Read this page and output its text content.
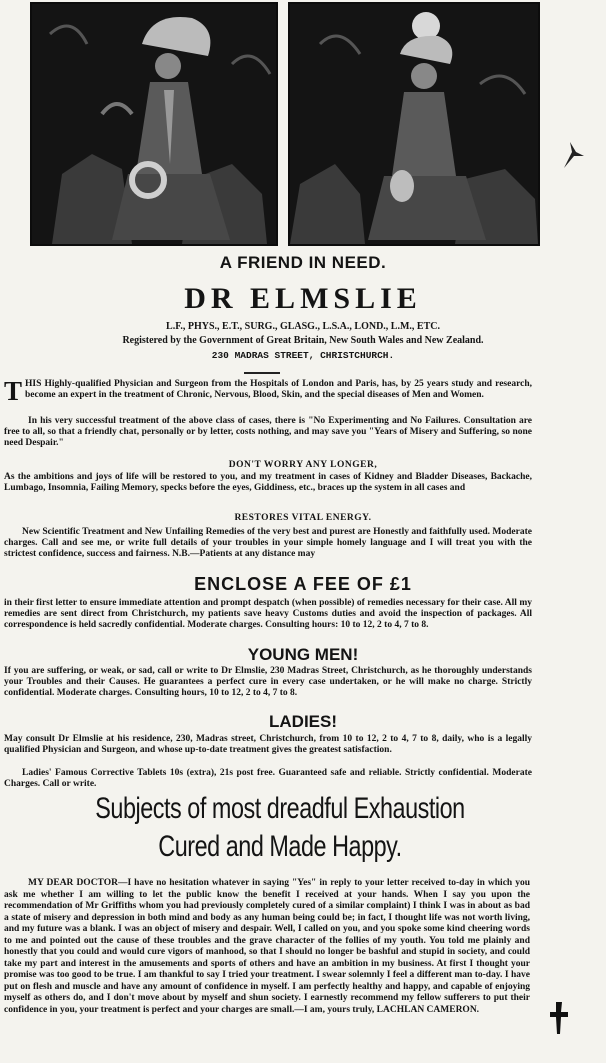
A FRIEND IN NEED.
DR ELMSLIE
L.F., PHYS., E.T., SURG., GLASG., L.S.A., LOND., L.M., ETC.
Registered by the Government of Great Britain, New South Wales and New Zealand.
230 MADRAS STREET, CHRISTCHURCH.
THIS Highly-qualified Physician and Surgeon from the Hospitals of London and Paris, has, by 25 years study and research, become an expert in the treatment of Chronic, Nervous, Blood, Skin, and the special diseases of Men and Women.
In his very successful treatment of the above class of cases, there is "No Experimenting and No Failures. Consultation are free to all, so that a friendly chat, personally or by letter, costs nothing, and may save you "Years of Misery and Suffering, so none need Despair."
DON'T WORRY ANY LONGER,
As the ambitions and joys of life will be restored to you, and my treatment in cases of Kidney and Bladder Diseases, Backache, Lumbago, Insomnia, Failing Memory, specks before the eyes, Giddiness, etc., braces up the system in all cases and
RESTORES VITAL ENERGY.
New Scientific Treatment and New Unfailing Remedies of the very best and purest are Honestly and faithfully used. Moderate charges. Call and see me, or write full details of your troubles in your simple homely language and I will treat you with the strictest confidence, success and fairness. N.B.—Patients at any distance may
ENCLOSE A FEE OF £1
in their first letter to ensure immediate attention and prompt despatch (when possible) of remedies necessary for their case. All my remedies are sent direct from Christchurch, my patients save heavy Customs duties and avoid the inspection of packages. All correspondence is held sacredly confidential. Moderate charges. Consulting hours: 10 to 12, 2 to 4, 7 to 8.
YOUNG MEN!
If you are suffering, or weak, or sad, call or write to Dr Elmslie, 230 Madras Street, Christchurch, as he thoroughly understands your Troubles and their Causes. He guarantees a perfect cure in every case undertaken, or he will make no charge. Strictly confidential. Moderate charges. Consulting hours, 10 to 12, 2 to 4, 7 to 8.
LADIES!
May consult Dr Elmslie at his residence, 230, Madras street, Christchurch, from 10 to 12, 2 to 4, 7 to 8, daily, who is a legally qualified Physician and Surgeon, and whose up-to-date treatment gives the greatest satisfaction.
Ladies' Famous Corrective Tablets 10s (extra), 21s post free. Guaranteed safe and reliable. Strictly confidential. Moderate Charges. Call or write.
Subjects of most dreadful Exhaustion Cured and Made Happy.
MY DEAR DOCTOR—I have no hesitation whatever in saying "Yes" in reply to your letter received to-day in which you ask me whether I am willing to let the public know the benefit I received at your hands. When I say you upon the recommendation of Mr Griffiths whom you had previously completely cured of a similar complaint) I think I was in about as bad a state of misery and depression in both mind and body as any human being could be; in fact, I thought life was not worth living, and my future was a blank. I was an object of misery and despair. Well, I called on you, and you spoke some kind cheering words to me and pointed out the cause of these troubles and the grave character of the follies of my youth. You told me plainly and honestly that you could and would cure vigors of manhood, so that I should no longer be bashful and stupid in society, and could take my part and interest in the amusements and sports of others and have an ambition in my business. At first I thought your promise was too good to be true. I am thankful to say I tried your treatment. I swear solemnly I feel a different man to-day. I have put on flesh and muscle and have any amount of confidence in myself. I am perfectly healthy and happy, and capable of enjoying myself as others do, and I don't move about by myself and shun society. I earnestly recommend my fellow sufferers to put their confidence in you, your treatment is perfect and your charges are small.—I am, yours truly, LACHLAN CAMERON.
